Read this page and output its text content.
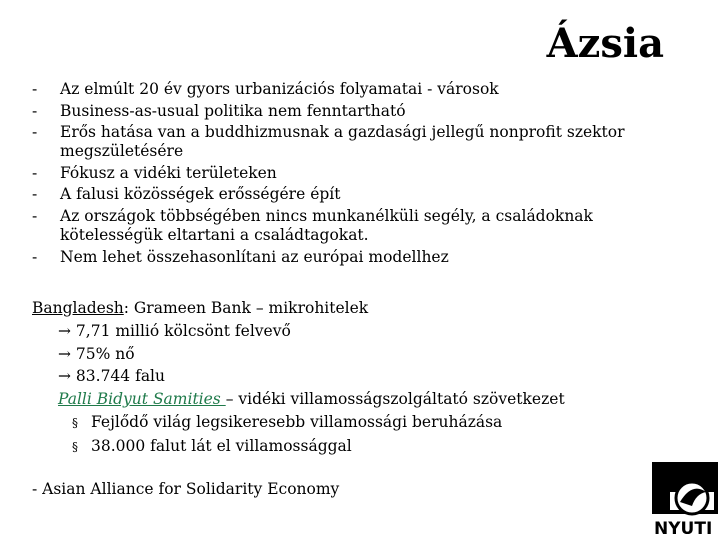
Ázsia
- Az elmúlt 20 év gyors urbanizációs folyamatai - városok
- Business-as-usual politika nem fenntartható
- Erős hatása van a buddhizmusnak a gazdasági jellegű nonprofit szektor megszületésére
- Fókusz a vidéki területeken
- A falusi közösségek erősségére épít
- Az országok többségében nincs munkanélküli segély, a családoknak kötelességük eltartani a családtagokat.
- Nem lehet összehasonlítani az európai modellhez
Bangladesh: Grameen Bank – mikrohitelek
→ 7,71 millió kölcsönt felvevő
→ 75% nő
→ 83.744 falu
Palli Bidyut Samities – vidéki villamosságszolgáltató szövetkezet
§ Fejlődő világ legsikeresebb villamossági beruházása
§ 38.000 falut lát el villamossággal
- Asian Alliance for Solidarity Economy
NYUTI
